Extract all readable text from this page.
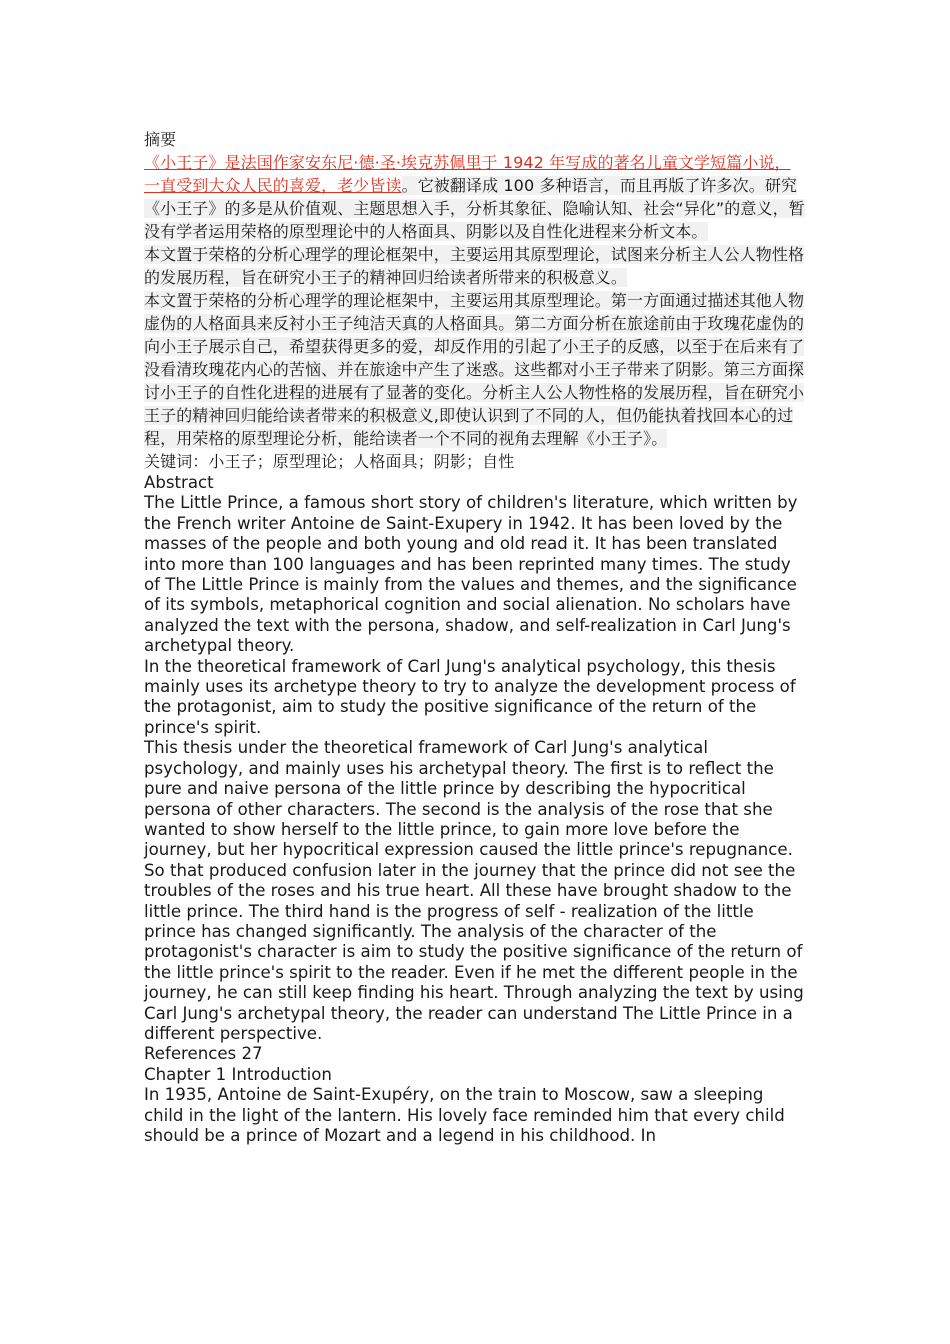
摘要

《小王子》是法国作家安东尼·德·圣·埃克苏佩里于 1942 年写成的著名儿童文学短篇小说，一直受到大众人民的喜爱，老少皆读。它被翻译成 100 多种语言，而且再版了许多次。研究《小王子》的多是从价值观、主题思想入手，分析其象征、隐喻认知、社会“异化”的意义，暂没有学者运用荣格的原型理论中的人格面具、阴影以及自性化进程来分析文本。

本文置于荣格的分析心理学的理论框架中，主要运用其原型理论，试图来分析主人公人物性格的发展历程，旨在研究小王子的精神回归给读者所带来的积极意义。

本文置于荣格的分析心理学的理论框架中，主要运用其原型理论。第一方面通过描述其他人物虚伪的人格面具来反衬小王子纯洁天真的人格面具。第二方面分析在旅途前由于玫瑰花虚伪的向小王子展示自己，希望获得更多的爱，却反作用的引起了小王子的反感，以至于在后来有了没看清玫瑰花内心的苦恼、并在旅途中产生了迷惑。这些都对小王子带来了阴影。第三方面探讨小王子的自性化进程的进展有了显著的变化。分析主人公人物性格的发展历程，旨在研究小王子的精神回归能给读者带来的积极意义,即使认识到了不同的人，但仍能执着找回本心的过程，用荣格的原型理论分析，能给读者一个不同的视角去理解《小王子》。

关键词：小王子；原型理论；人格面具；阴影；自性

Abstract

The Little Prince, a famous short story of children's literature, which written by the French writer Antoine de Saint-Exupery in 1942. It has been loved by the masses of the people and both young and old read it. It has been translated into more than 100 languages and has been reprinted many times. The study of The Little Prince is mainly from the values and themes, and the significance of its symbols, metaphorical cognition and social alienation. No scholars have analyzed the text with the persona, shadow, and self-realization in Carl Jung's archetypal theory.

In the theoretical framework of Carl Jung's analytical psychology, this thesis mainly uses its archetype theory to try to analyze the development process of the protagonist, aim to study the positive significance of the return of the prince's spirit.

This thesis under the theoretical framework of Carl Jung's analytical psychology, and mainly uses his archetypal theory. The first is to reflect the pure and naive persona of the little prince by describing the hypocritical persona of other characters. The second is the analysis of the rose that she wanted to show herself to the little prince, to gain more love before the journey, but her hypocritical expression caused the little prince's repugnance. So that produced confusion later in the journey that the prince did not see the troubles of the roses and his true heart. All these have brought shadow to the little prince. The third hand is the progress of self - realization of the little prince has changed significantly. The analysis of the character of the protagonist's character is aim to study the positive significance of the return of the little prince's spirit to the reader. Even if he met the different people in the journey, he can still keep finding his heart. Through analyzing the text by using Carl Jung's archetypal theory, the reader can understand The Little Prince in a different perspective.

References 27

Chapter 1 Introduction

In 1935, Antoine de Saint-Exupéry, on the train to Moscow, saw a sleeping child in the light of the lantern. His lovely face reminded him that every child should be a prince of Mozart and a legend in his childhood. In
